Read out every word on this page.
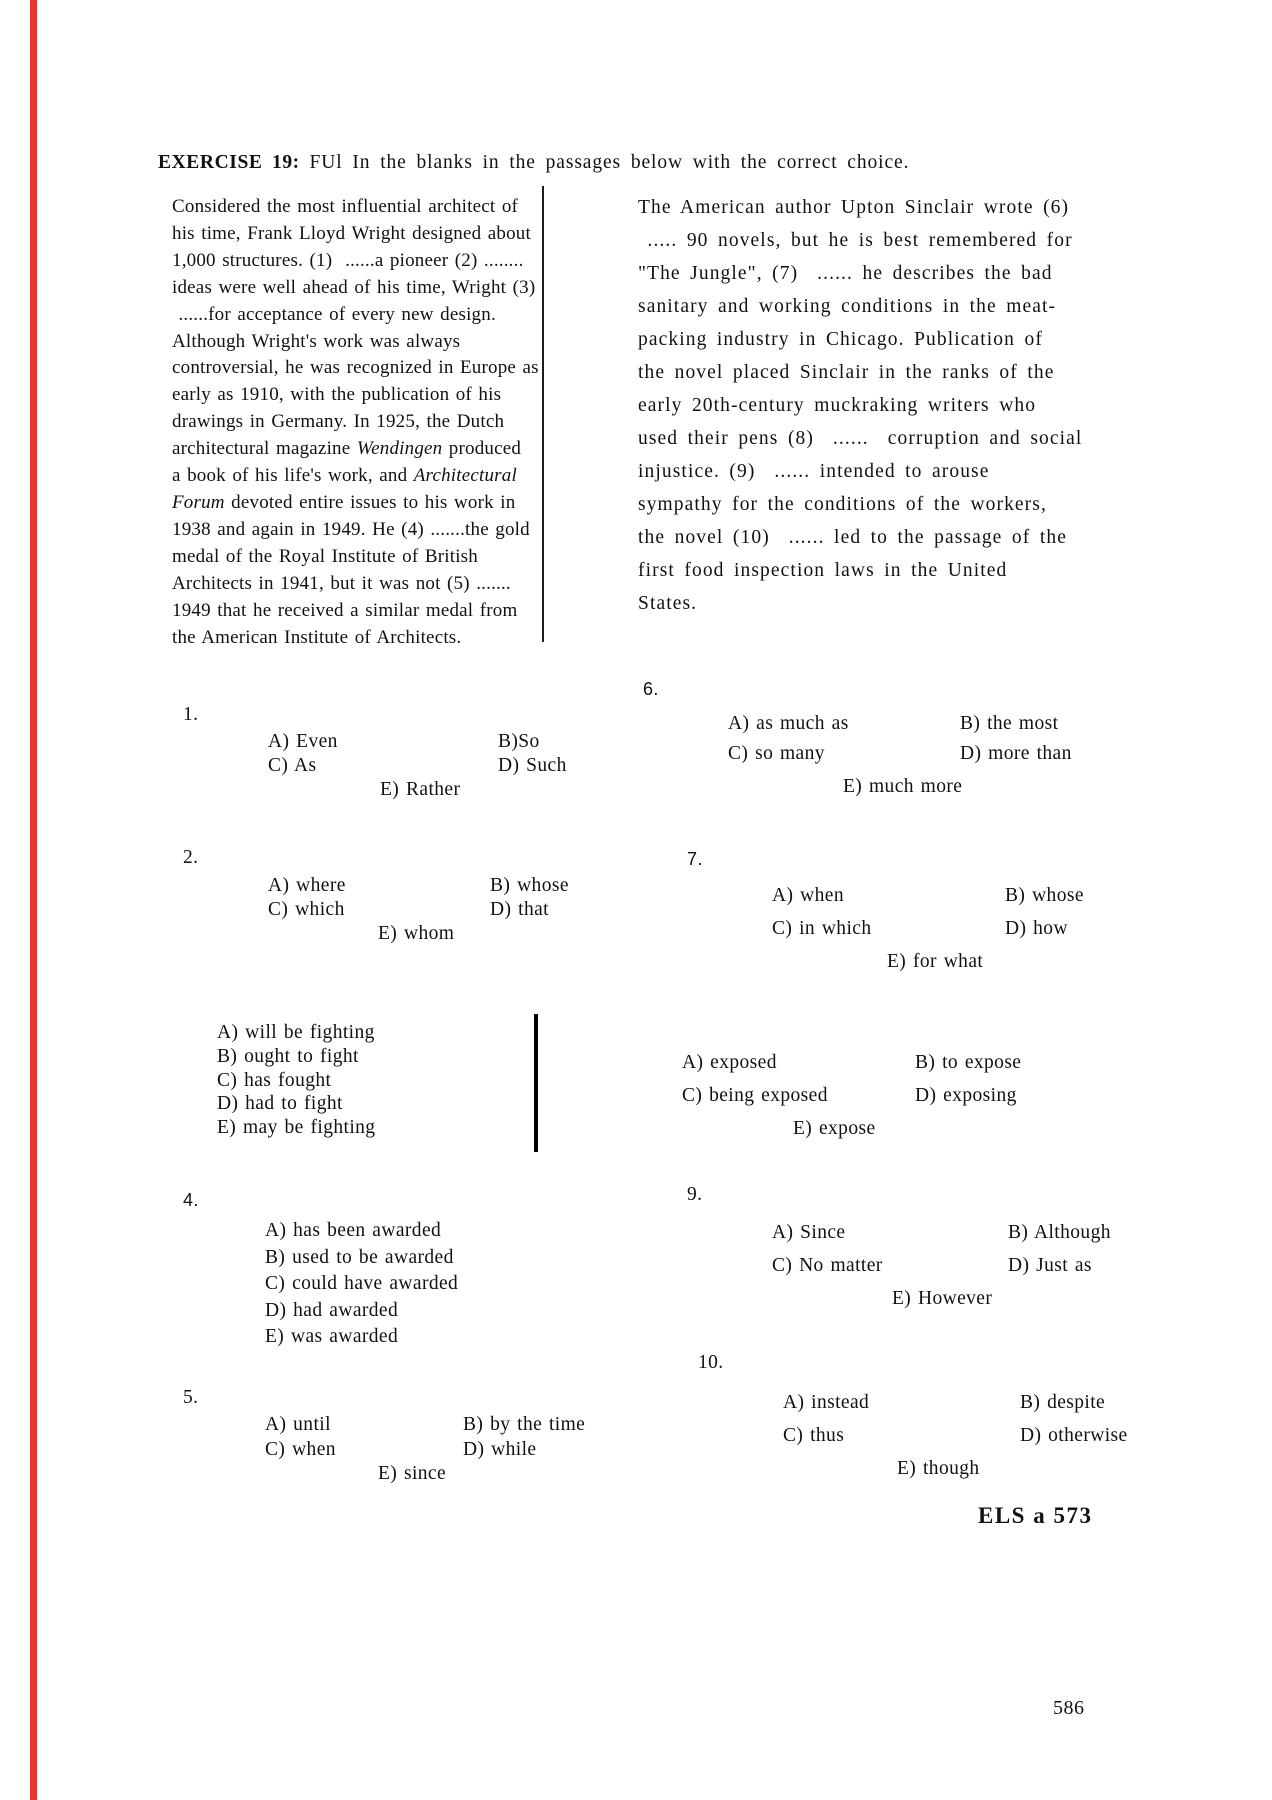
EXERCISE 19: FUl In the blanks in the passages below with the correct choice.
Considered the most influential architect of
his time, Frank Lloyd Wright designed about
1,000 structures. (1)  ......a pioneer (2) ........
ideas were well ahead of his time, Wright (3)
......for acceptance of every new design.
Although Wright's work was always
controversial, he was recognized in Europe as
early as 1910, with the publication of his
drawings in Germany. In 1925, the Dutch
architectural magazine Wendingen produced
a book of his life's work, and Architectural
Forum devoted entire issues to his work in
1938 and again in 1949. He (4) .......the gold
medal of the Royal Institute of British
Architects in 1941, but it was not (5) .......
1949 that he received a similar medal from
the American Institute of Architects.
The American author Upton Sinclair wrote (6)
..... 90 novels, but he is best remembered for
"The Jungle", (7)  ...... he describes the bad
sanitary and working conditions in the meat-
packing industry in Chicago. Publication of
the novel placed Sinclair in the ranks of the
early 20th-century muckraking writers who
used their pens (8)  ......  corruption and social
injustice. (9)  ...... intended to arouse
sympathy for the conditions of the workers,
the novel (10)  ...... led to the passage of the
first food inspection laws in the United
States.
1.
A) Even	B)So
C) As	D) Such
E) Rather
2.
A) where	B) whose
C) which	D) that
E) whom
A) will be fighting
B) ought to fight
C) has fought
D) had to fight
E) may be fighting
4.
A) has been awarded
B) used to be awarded
C) could have awarded
D) had awarded
E) was awarded
5.
A) until	B) by the time
C) when	D) while
E) since
6.
A) as much as	B) the most
C) so many	D) more than
E) much more
7.
A) when	B) whose
C) in which	D) how
E) for what
A) exposed	B) to expose
C) being exposed	D) exposing
E) expose
9.
A) Since	B) Although
C) No matter	D) Just as
E) However
10.
A) instead	B) despite
C) thus	D) otherwise
E) though
ELS a 573
586
